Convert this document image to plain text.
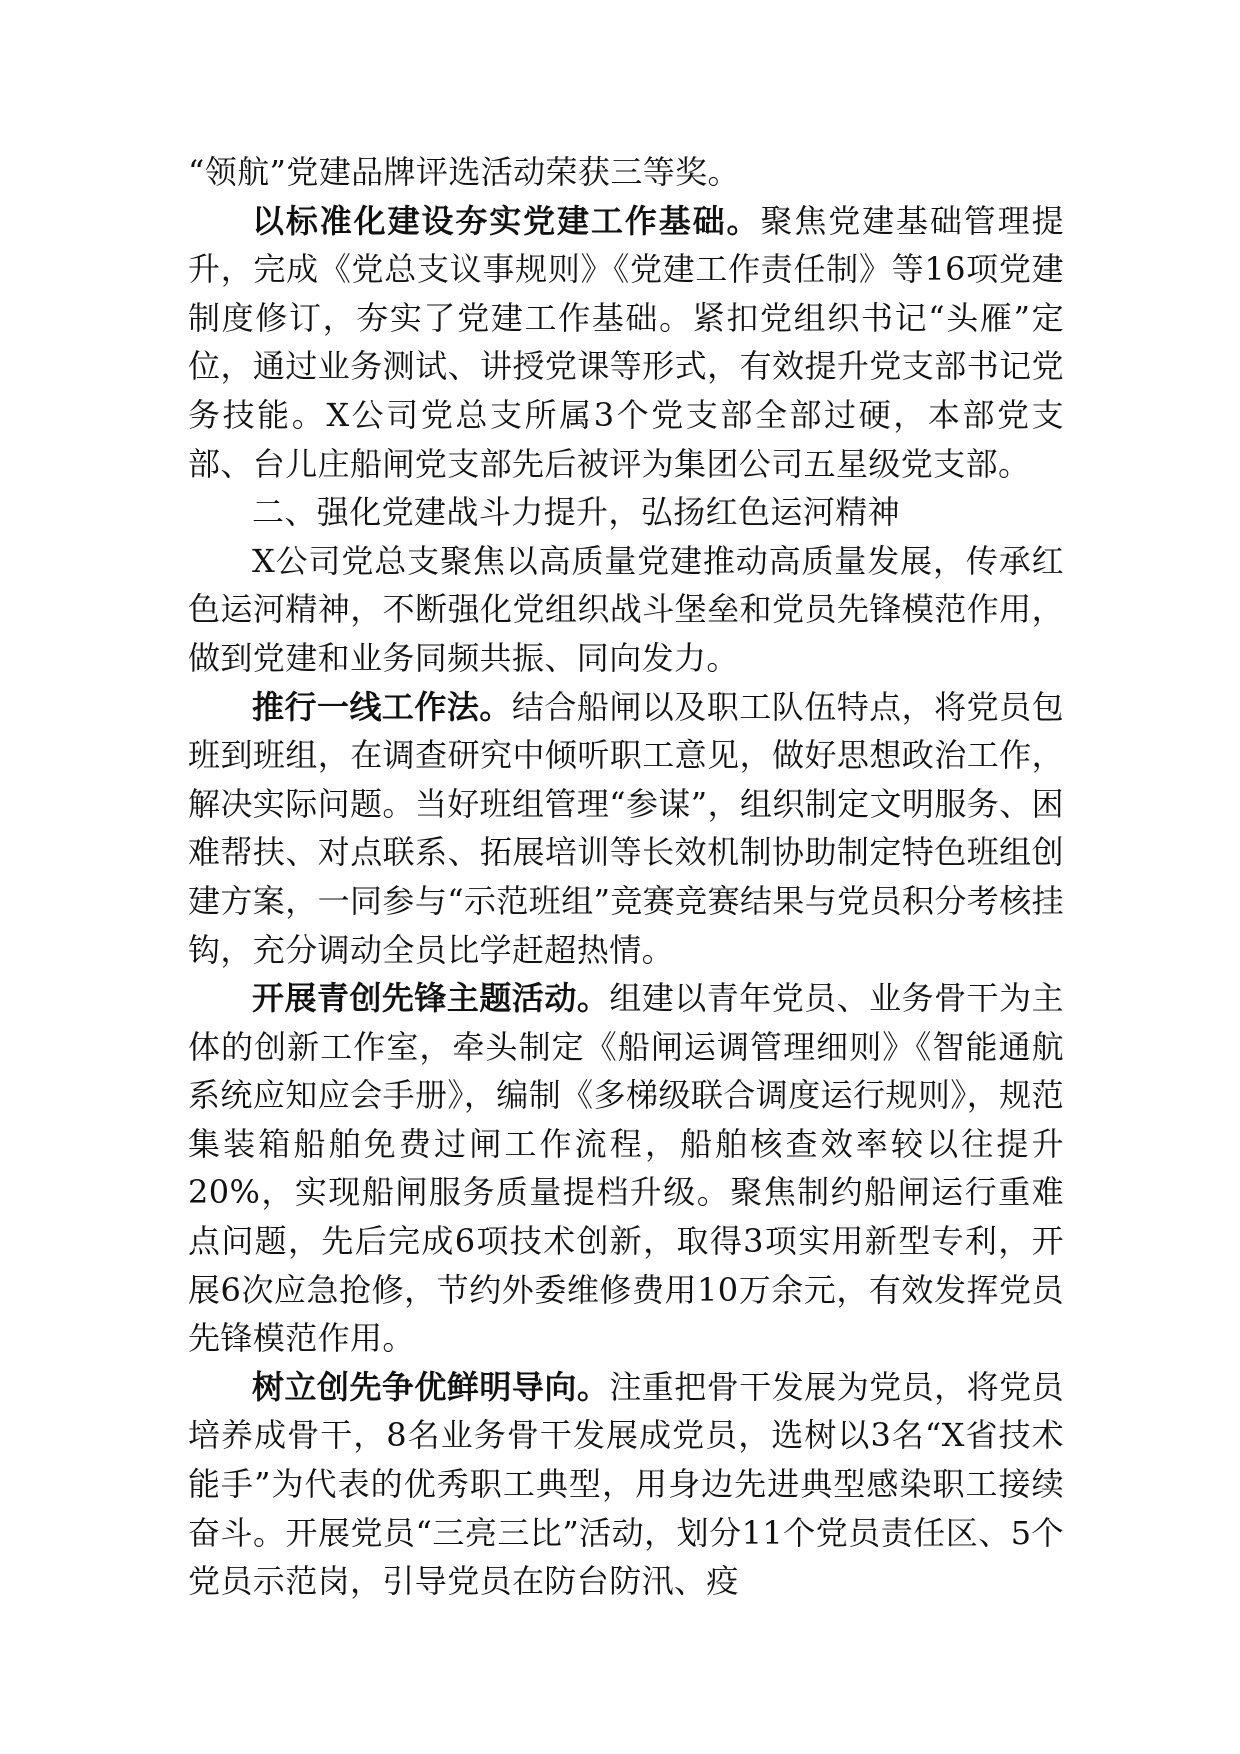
“领航”党建品牌评选活动荣获三等奖。

以标准化建设夯实党建工作基础。聚焦党建基础管理提升，完成《党总支议事规则》《党建工作责任制》等16项党建制度修订，夯实了党建工作基础。紧扣党组织书记“头雁”定位，通过业务测试、讲授党课等形式，有效提升党支部书记党务技能。X公司党总支所属3个党支部全部过硬，本部党支部、台儿庄船闸党支部先后被评为集团公司五星级党支部。

二、强化党建战斗力提升，弘扬红色运河精神

X公司党总支聚焦以高质量党建推动高质量发展，传承红色运河精神，不断强化党组织战斗堡垒和党员先锋模范作用，做到党建和业务同频共振、同向发力。

推行一线工作法。结合船闸以及职工队伍特点，将党员包班到班组，在调查研究中倾听职工意见，做好思想政治工作，解决实际问题。当好班组管理“参谋”，组织制定文明服务、困难帮扶、对点联系、拓展培训等长效机制协助制定特色班组创建方案，一同参与“示范班组”竞赛竞赛结果与党员积分考核挂钩，充分调动全员比学赶超热情。

开展青创先锋主题活动。组建以青年党员、业务骨干为主体的创新工作室，牵头制定《船闸运调管理细则》《智能通航系统应知应会手册》，编制《多梯级联合调度运行规则》，规范集装箱船舶免费过闸工作流程，船舶核查效率较以往提升20%，实现船闸服务质量提档升级。聚焦制约船闸运行重难点问题，先后完成6项技术创新，取得3项实用新型专利，开展6次应急抢修，节约外委维修费用10万余元，有效发挥党员先锋模范作用。

树立创先争优鲜明导向。注重把骨干发展为党员，将党员培养成骨干，8名业务骨干发展成党员，选树以3名“X省技术能手”为代表的优秀职工典型，用身边先进典型感染职工接续奋斗。开展党员“三亮三比”活动，划分11个党员责任区、5个党员示范岗，引导党员在防台防汛、疫
